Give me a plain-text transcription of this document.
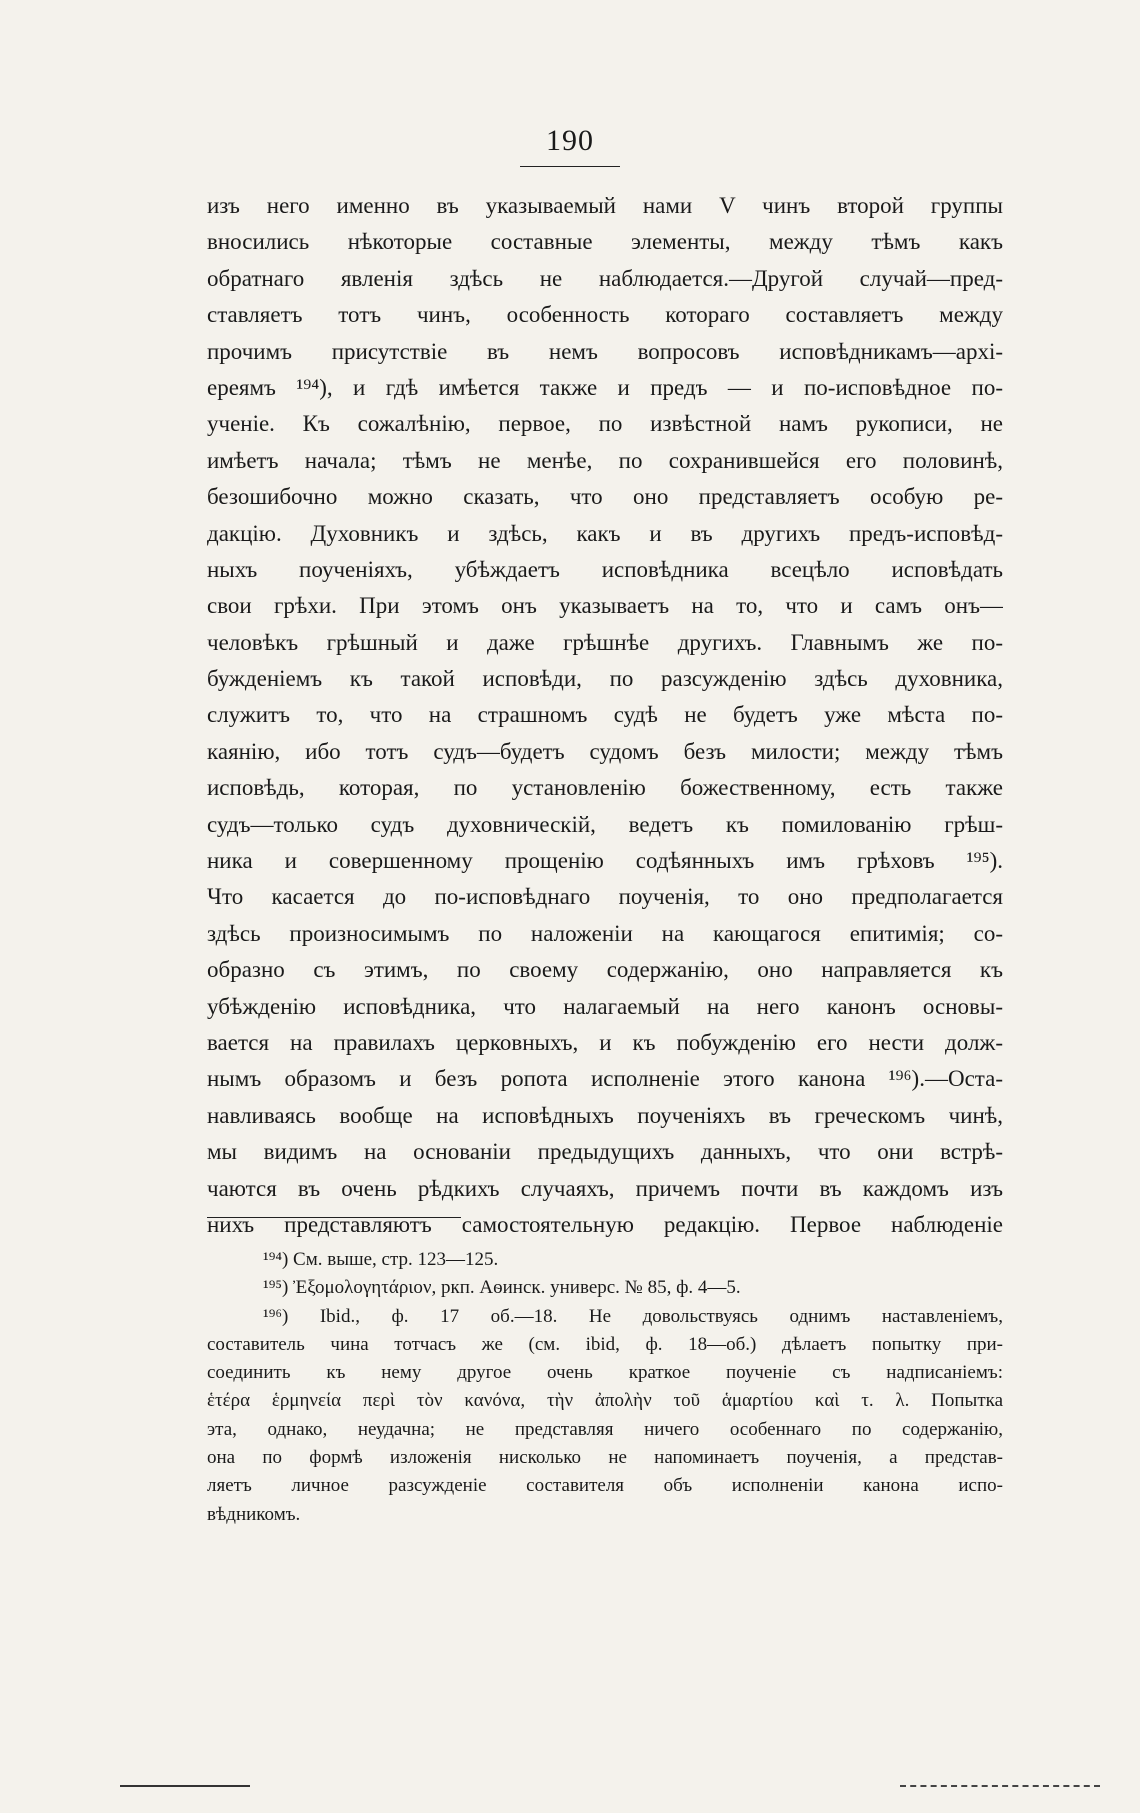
190
изъ него именно въ указываемый нами V чинъ второй группы
вносились нѣкоторые составные элементы, между тѣмъ какъ
обратнаго явленія здѣсь не наблюдается.—Другой случай—пред-
ставляетъ тотъ чинъ, особенность котораго составляетъ между
прочимъ присутствіе въ немъ вопросовъ исповѣдникамъ—архі-
ереямъ ¹⁹⁴), и гдѣ имѣется также и предъ — и по-исповѣдное по-
ученіе. Къ сожалѣнію, первое, по извѣстной намъ рукописи, не
имѣетъ начала; тѣмъ не менѣе, по сохранившейся его половинѣ,
безошибочно можно сказать, что оно представляетъ особую ре-
дакцію. Духовникъ и здѣсь, какъ и въ другихъ предъ-исповѣд-
ныхъ поученіяхъ, убѣждаетъ исповѣдника всецѣло исповѣдать
свои грѣхи. При этомъ онъ указываетъ на то, что и самъ онъ—
человѣкъ грѣшный и даже грѣшнѣе другихъ. Главнымъ же по-
бужденіемъ къ такой исповѣди, по разсужденію здѣсь духовника,
служитъ то, что на страшномъ судѣ не будетъ уже мѣста по-
каянію, ибо тотъ судъ—будетъ судомъ безъ милости; между тѣмъ
исповѣдь, которая, по установленію божественному, есть также
судъ—только судъ духовническій, ведетъ къ помилованію грѣш-
ника и совершенному прощенію содѣянныхъ имъ грѣховъ ¹⁹⁵).
Что касается до по-исповѣднаго поученія, то оно предполагается
здѣсь произносимымъ по наложеніи на кающагося епитимія; со-
образно съ этимъ, по своему содержанію, оно направляется къ
убѣжденію исповѣдника, что налагаемый на него канонъ основы-
вается на правилахъ церковныхъ, и къ побужденію его нести долж-
нымъ образомъ и безъ ропота исполненіе этого канона ¹⁹⁶).—Оста-
навливаясь вообще на исповѣдныхъ поученіяхъ въ греческомъ чинѣ,
мы видимъ на основаніи предыдущихъ данныхъ, что они встрѣ-
чаются въ очень рѣдкихъ случаяхъ, причемъ почти въ каждомъ изъ
нихъ представляютъ самостоятельную редакцію. Первое наблюденіе
¹⁹⁴) См. выше, стр. 123—125.
¹⁹⁵) Ἐξομολογητάριον, ркп. Аѳинск. универс. № 85, ф. 4—5.
¹⁹⁶) Ibid., ф. 17 об.—18. Не довольствуясь однимъ наставленіемъ,
составитель чина тотчасъ же (см. ibid, ф. 18—об.) дѣлаетъ попытку при-
соединить къ нему другое очень краткое поученіе съ надписаніемъ:
ἑτέρα ἑρμηνεία περὶ τὸν κανόνα, τὴν ἀπολὴν τοῦ ἁμαρτίου καὶ τ. λ. Попытка
эта, однако, неудачна; не представляя ничего особеннаго по содержанію,
она по формѣ изложенія нисколько не напоминаетъ поученія, а представ-
ляетъ личное разсужденіе составителя объ исполненіи канона испо-
вѣдникомъ.
